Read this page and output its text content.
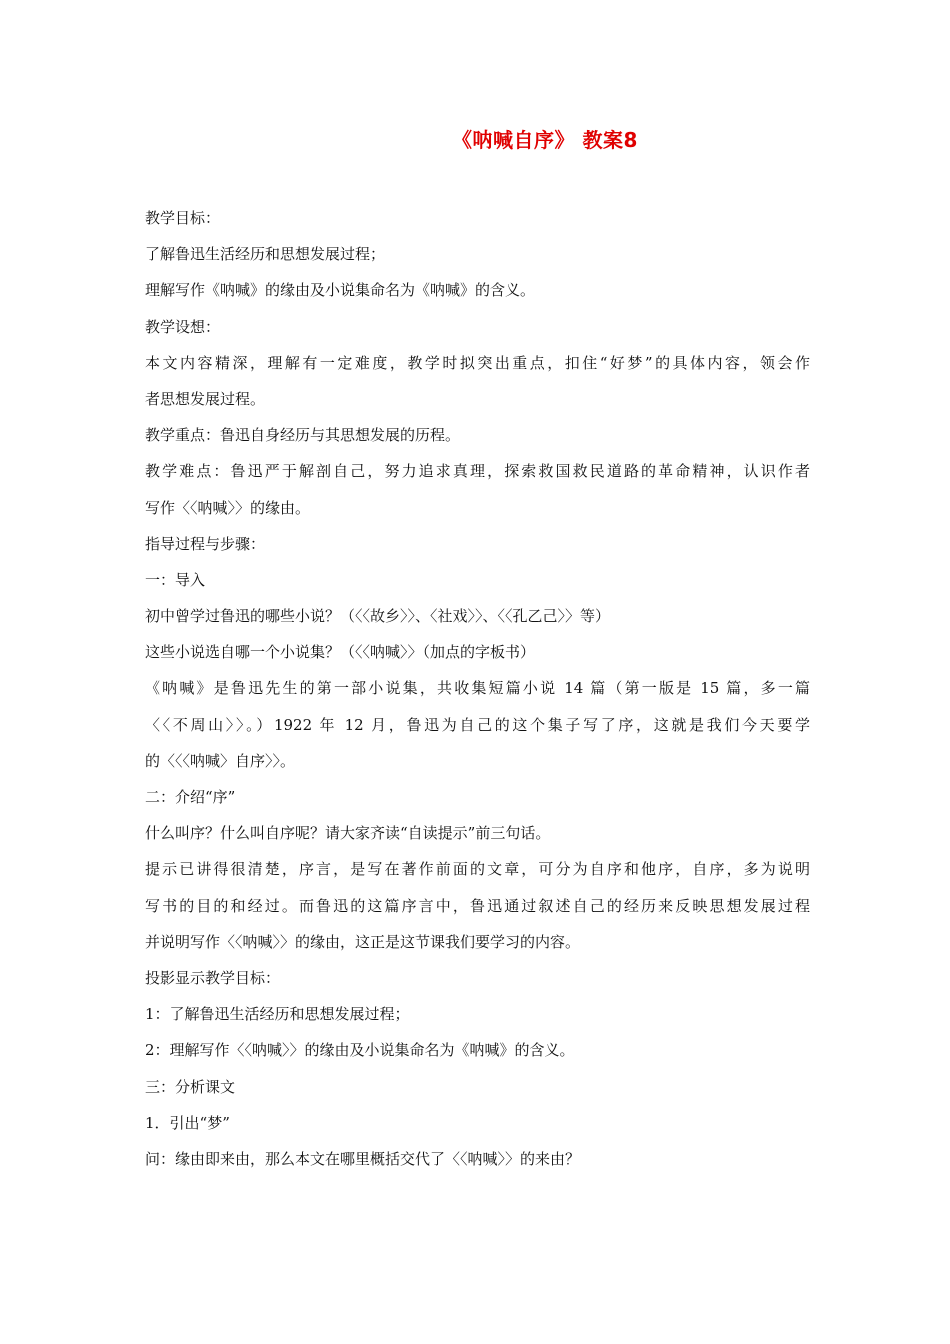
《呐喊自序》 教案8
教学目标：
了解鲁迅生活经历和思想发展过程；
理解写作《呐喊》的缘由及小说集命名为《呐喊》的含义。
教学设想：
本文内容精深，理解有一定难度，教学时拟突出重点，扣住“好梦”的具体内容，领会作
者思想发展过程。
教学重点：鲁迅自身经历与其思想发展的历程。
教学难点：鲁迅严于解剖自己，努力追求真理，探索救国救民道路的革命精神，认识作者
写作〈〈呐喊〉〉的缘由。
指导过程与步骤：
一：导入
初中曾学过鲁迅的哪些小说？（〈〈故乡〉〉、〈社戏〉〉、〈〈孔乙己〉〉等）
这些小说选自哪一个小说集？（〈〈呐喊〉〉（加点的字板书）
《呐喊》是鲁迅先生的第一部小说集，共收集短篇小说 14 篇（第一版是 15 篇，多一篇
〈〈不周山〉〉。）1922 年 12 月，鲁迅为自己的这个集子写了序，这就是我们今天要学
的〈〈〈呐喊〉自序〉〉。
二：介绍“序”
什么叫序？什么叫自序呢？请大家齐读“自读提示”前三句话。
提示已讲得很清楚，序言，是写在著作前面的文章，可分为自序和他序，自序，多为说明
写书的目的和经过。而鲁迅的这篇序言中，鲁迅通过叙述自己的经历来反映思想发展过程
并说明写作〈〈呐喊〉〉的缘由，这正是这节课我们要学习的内容。
投影显示教学目标：
1：了解鲁迅生活经历和思想发展过程；
2：理解写作〈〈呐喊〉〉的缘由及小说集命名为《呐喊》的含义。
三：分析课文
1．引出“梦”
问：缘由即来由，那么本文在哪里概括交代了〈〈呐喊〉〉的来由？
